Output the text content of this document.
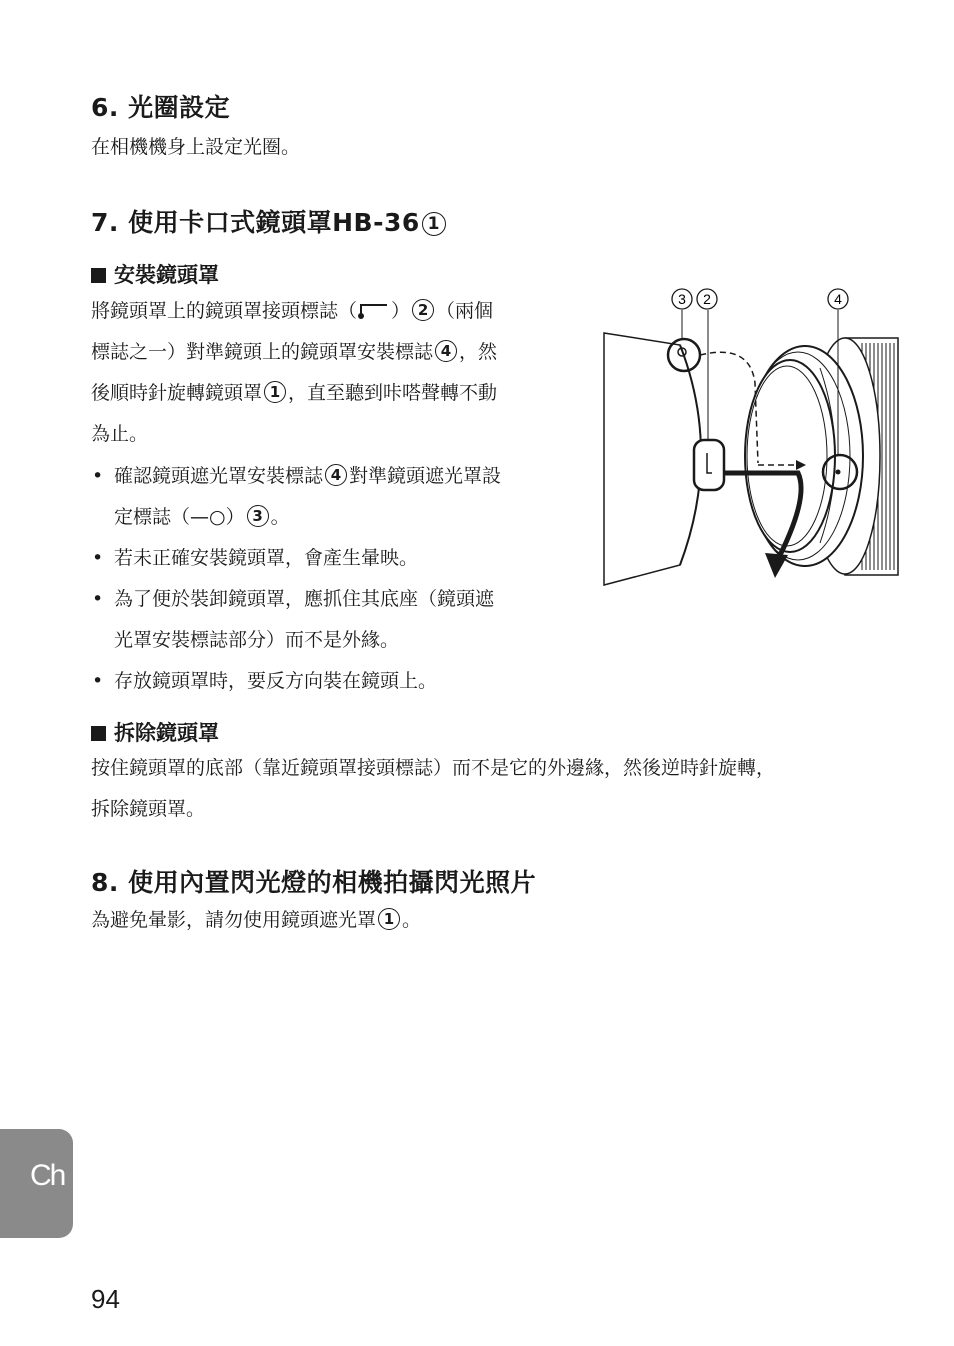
6. 光圈設定
在相機機身上設定光圈。
7. 使用卡口式鏡頭罩HB-36 1
安裝鏡頭罩
將鏡頭罩上的鏡頭罩接頭標誌（ ） 2 （兩個
標誌之一）對準鏡頭上的鏡頭罩安裝標誌 4 ，然
後順時針旋轉鏡頭罩 1 ，直至聽到咔嗒聲轉不動
為止。
• 確認鏡頭遮光罩安裝標誌 4 對準鏡頭遮光罩設
定標誌（—○） 3 。
• 若未正確安裝鏡頭罩，會產生暈映。
• 為了便於裝卸鏡頭罩，應抓住其底座（鏡頭遮
光罩安裝標誌部分）而不是外緣。
• 存放鏡頭罩時，要反方向裝在鏡頭上。
拆除鏡頭罩
按住鏡頭罩的底部（靠近鏡頭罩接頭標誌）而不是它的外邊緣，然後逆時針旋轉，
拆除鏡頭罩。
8. 使用內置閃光燈的相機拍攝閃光照片
為避免暈影，請勿使用鏡頭遮光罩 1 。
3 2	4
Ch
94
